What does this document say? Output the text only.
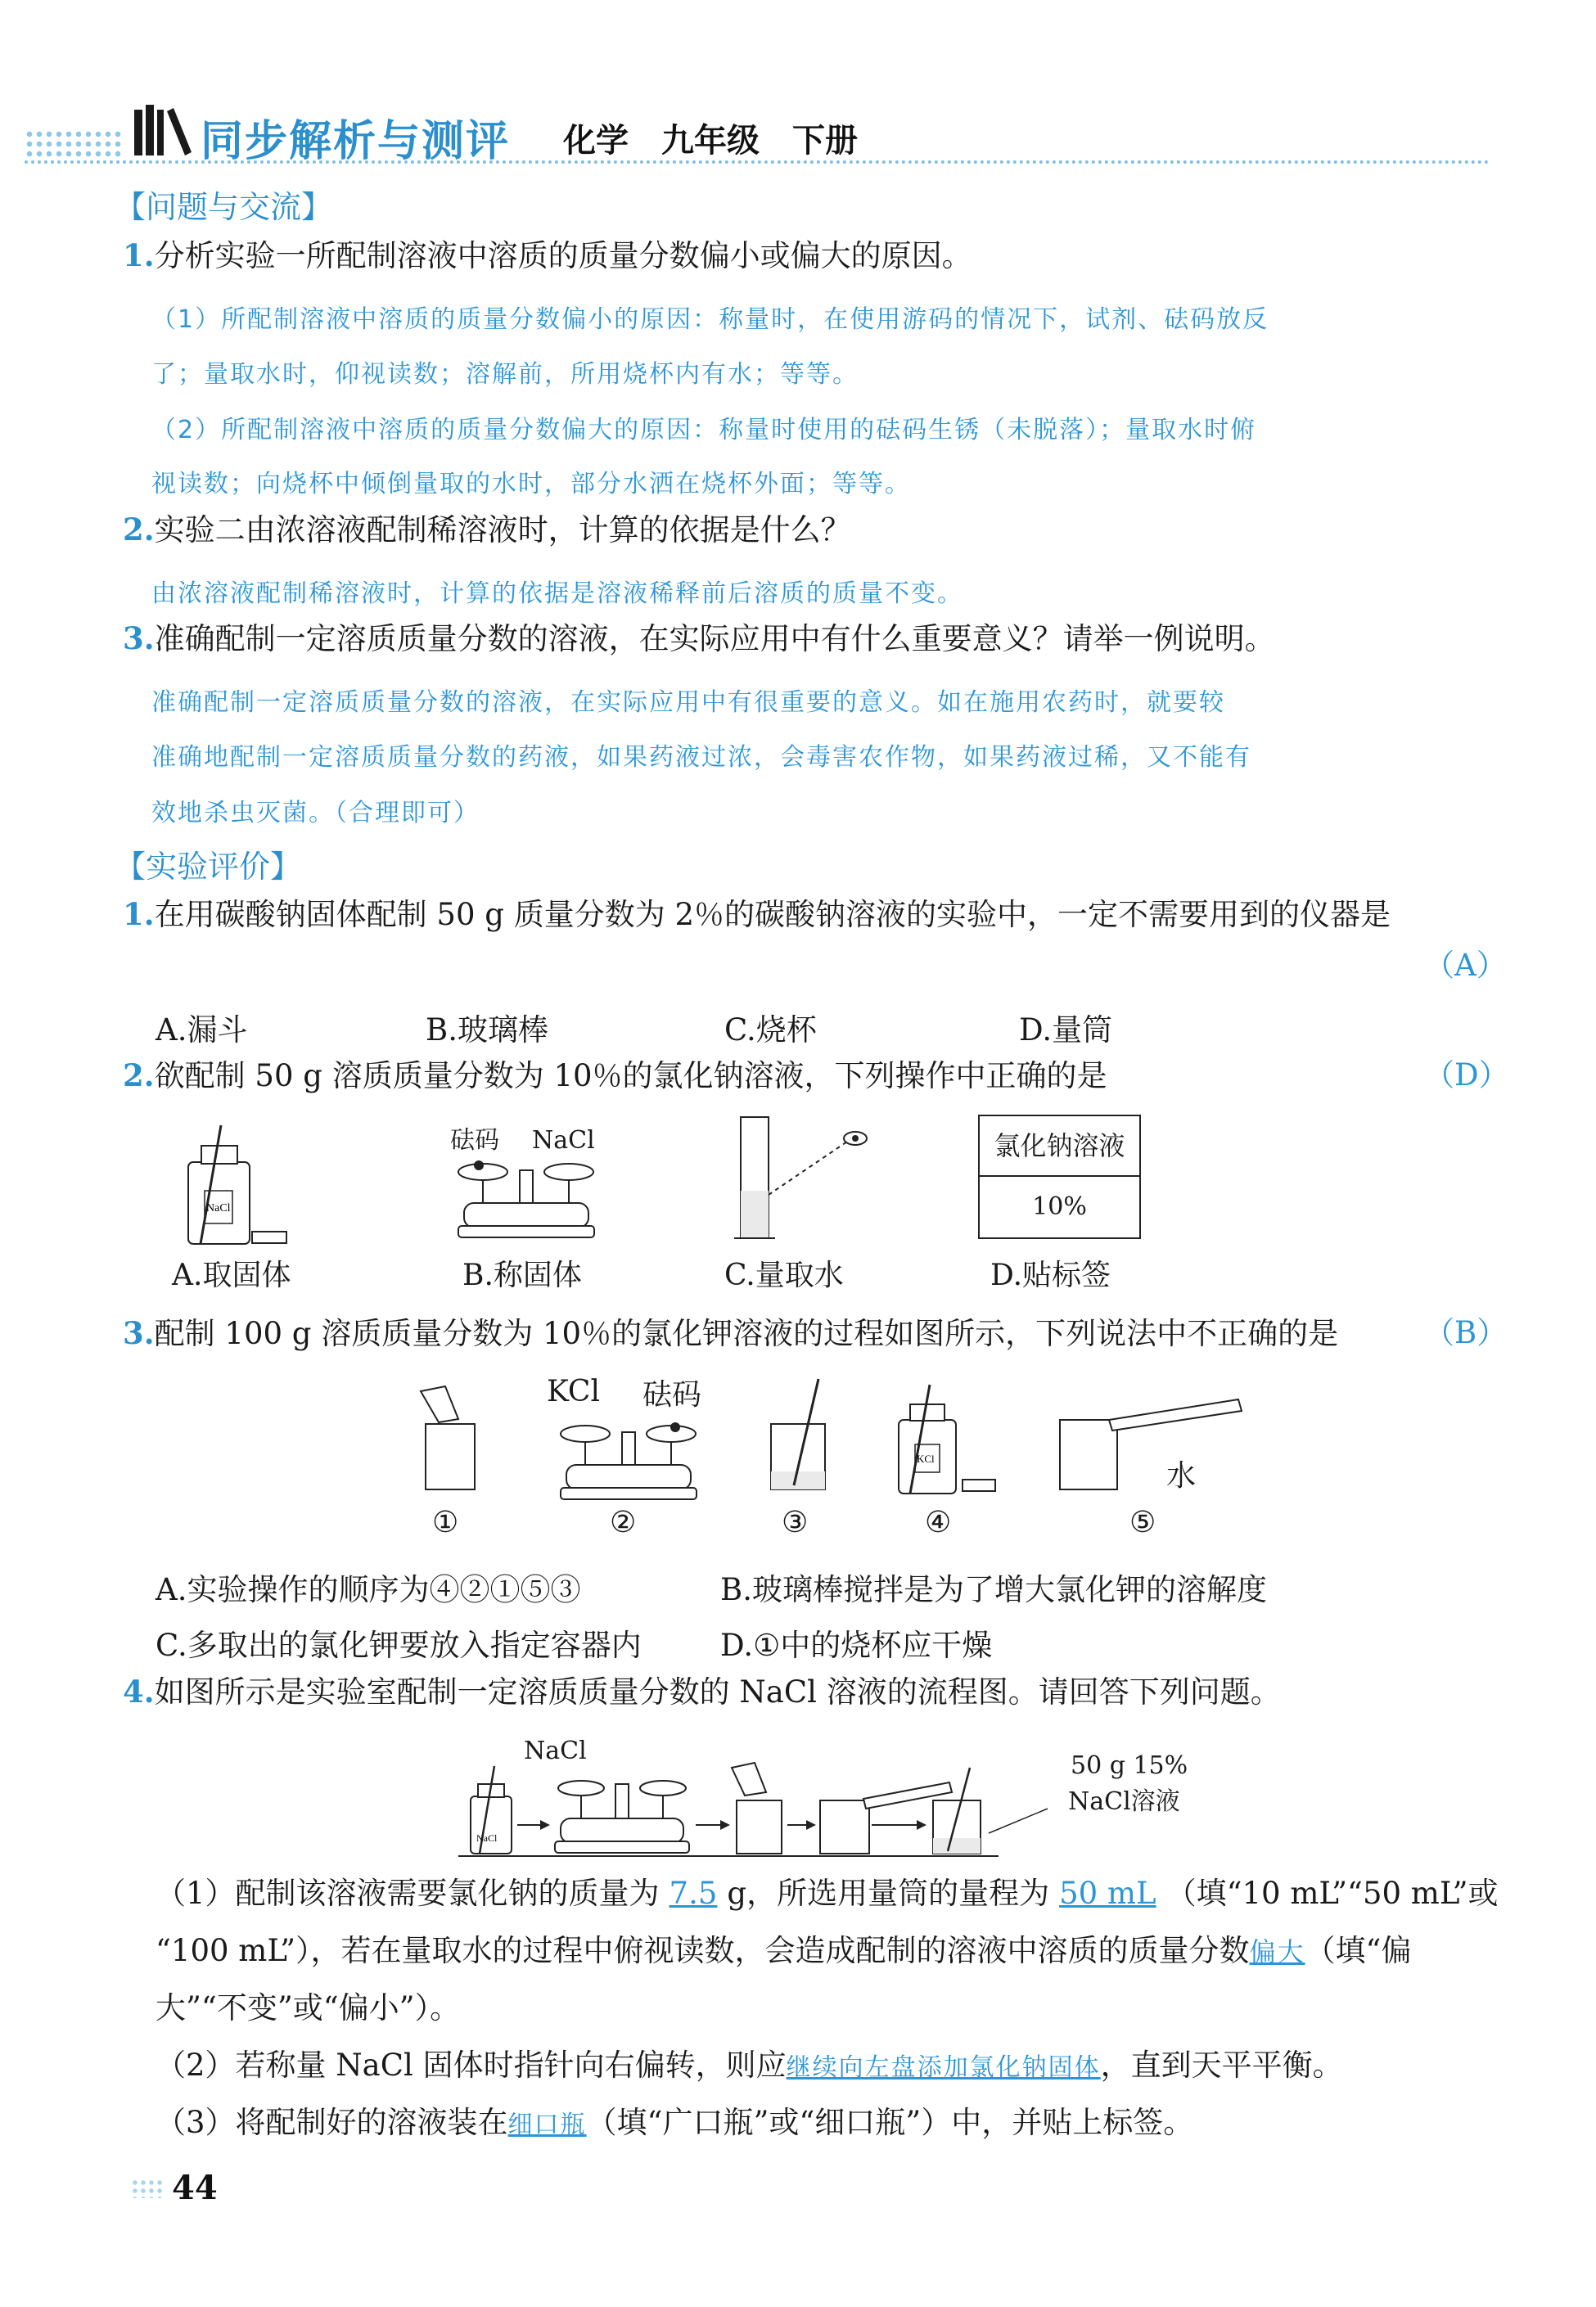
同步解析与测评 化学　九年级　下册
【问题与交流】
1.分析实验一所配制溶液中溶质的质量分数偏小或偏大的原因。
（1）所配制溶液中溶质的质量分数偏小的原因：称量时，在使用游码的情况下，试剂、砝码放反
了；量取水时，仰视读数；溶解前，所用烧杯内有水；等等。
（2）所配制溶液中溶质的质量分数偏大的原因：称量时使用的砝码生锈（未脱落）；量取水时俯
视读数；向烧杯中倾倒量取的水时，部分水洒在烧杯外面；等等。
2.实验二由浓溶液配制稀溶液时，计算的依据是什么？
由浓溶液配制稀溶液时，计算的依据是溶液稀释前后溶质的质量不变。
3.准确配制一定溶质质量分数的溶液，在实际应用中有什么重要意义？请举一例说明。
准确配制一定溶质质量分数的溶液，在实际应用中有很重要的意义。如在施用农药时，就要较
准确地配制一定溶质质量分数的药液，如果药液过浓，会毒害农作物，如果药液过稀，又不能有
效地杀虫灭菌。（合理即可）
【实验评价】
1.在用碳酸钠固体配制 50 g 质量分数为 2％的碳酸钠溶液的实验中，一定不需要用到的仪器是
（A）
A.漏斗	B.玻璃棒	C.烧杯	D.量筒
2.欲配制 50 g 溶质质量分数为 10％的氯化钠溶液，下列操作中正确的是	（D）
NaCl
A.取固体
砝码 NaCl
B.称固体	C.量取水
氯化钠溶液
10%
D.贴标签
3.配制 100 g 溶质质量分数为 10％的氯化钾溶液的过程如图所示，下列说法中不正确的是	（B）
KCl 砝码
KCl
水
①	②	③	④	⑤
A.实验操作的顺序为④②①⑤③	B.玻璃棒搅拌是为了增大氯化钾的溶解度
C.多取出的氯化钾要放入指定容器内	D.①中的烧杯应干燥
4.如图所示是实验室配制一定溶质质量分数的 NaCl 溶液的流程图。请回答下列问题。
NaCl
50 g 15%
NaCl溶液
NaCl
（1）配制该溶液需要氯化钠的质量为 7.5 g，所选用量筒的量程为 50 mL （填“10 mL”“50 mL”或
“100 mL”），若在量取水的过程中俯视读数，会造成配制的溶液中溶质的质量分数偏大（填“偏
大”“不变”或“偏小”）。
（2）若称量 NaCl 固体时指针向右偏转，则应继续向左盘添加氯化钠固体，直到天平平衡。
（3）将配制好的溶液装在细口瓶（填“广口瓶”或“细口瓶”）中，并贴上标签。
44
